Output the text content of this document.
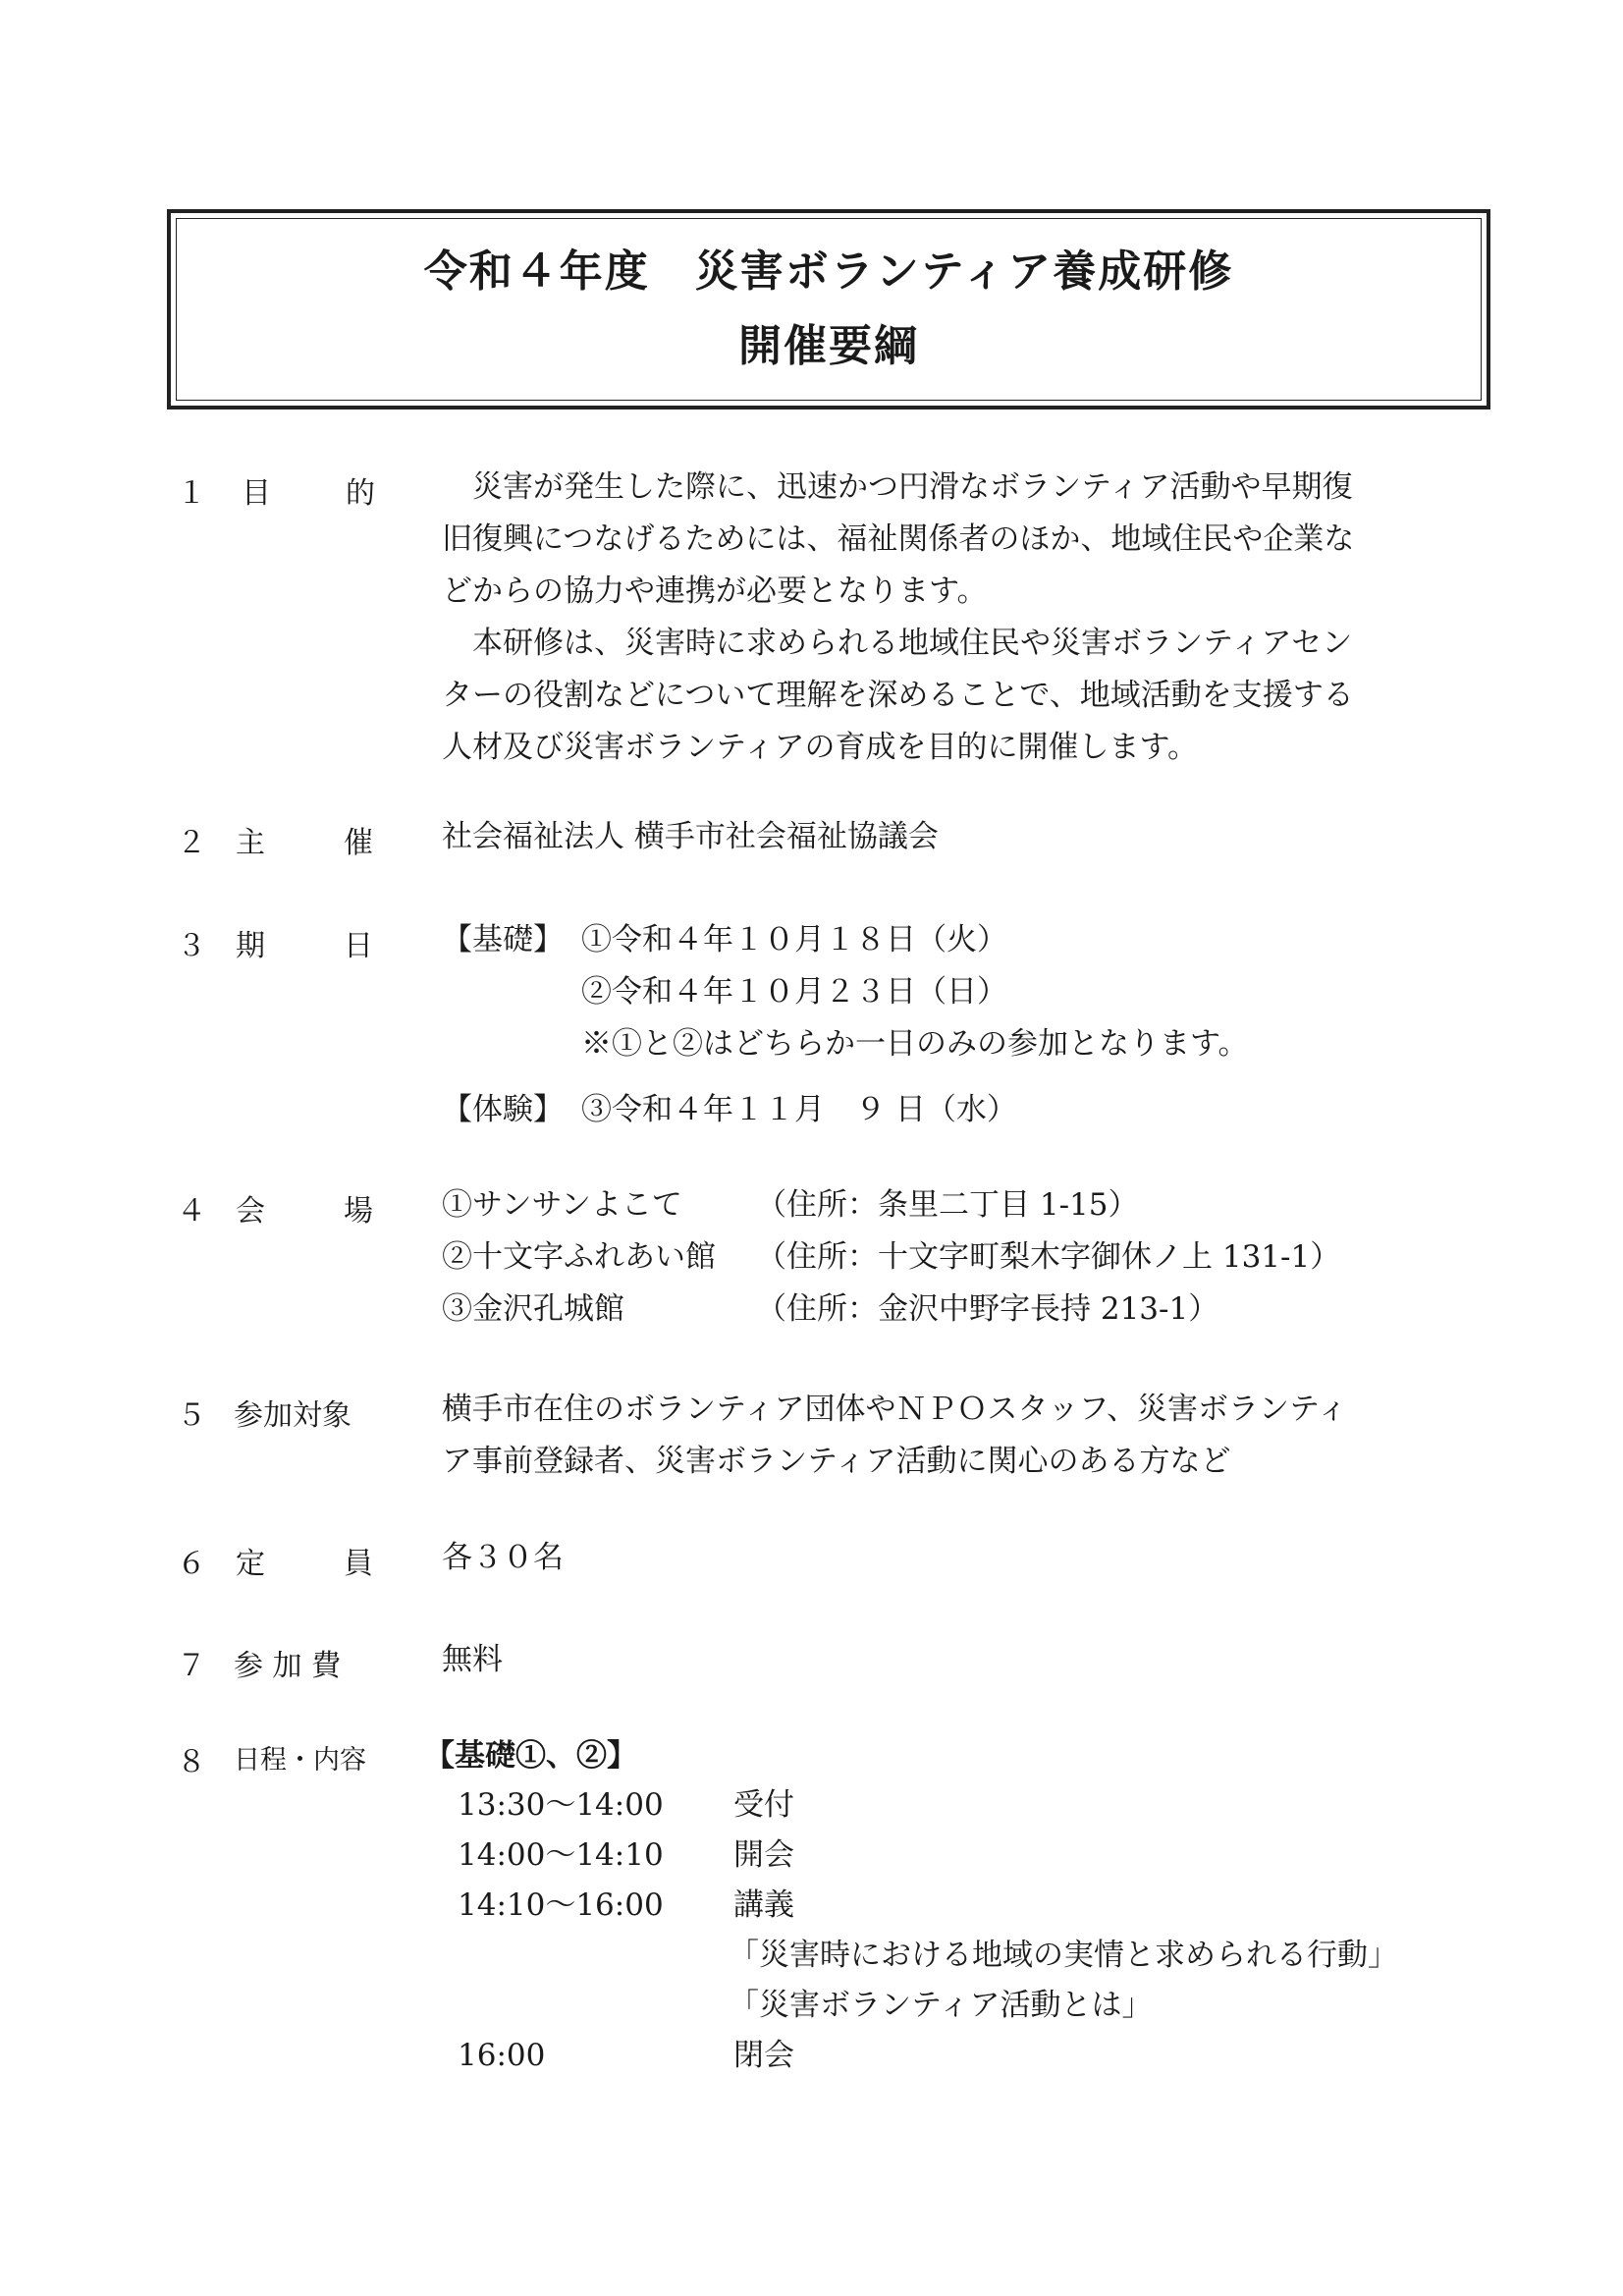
令和４年度　災害ボランティア養成研修
開催要綱
１ 目	的 　災害が発生した際に、迅速かつ円滑なボランティア活動や早期復
旧復興につなげるためには、福祉関係者のほか、地域住民や企業な
どからの協力や連携が必要となります。
　本研修は、災害時に求められる地域住民や災害ボランティアセン
ターの役割などについて理解を深めることで、地域活動を支援する
人材及び災害ボランティアの育成を目的に開催します。
２ 主	催 社会福祉法人 横手市社会福祉協議会
３ 期	日 【基礎】 ①令和４年１０月１８日（火）
②令和４年１０月２３日（日）
※①と②はどちらか一日のみの参加となります。
【体験】 ③令和４年１１月　９ 日（水）
４ 会	場 ①サンサンよこて （住所：条里二丁目 1-15）
②十文字ふれあい館 （住所：十文字町梨木字御休ノ上 131-1）
③金沢孔城館	（住所：金沢中野字長持 213-1）
５ 参加対象	横手市在住のボランティア団体やＮＰＯスタッフ、災害ボランティ
ア事前登録者、災害ボランティア活動に関心のある方など
６ 定	員 各３０名
７ 参 加 費	無料
８ 日程・内容 【基礎①、②】
13:30～14:00 受付
14:00～14:10 開会
14:10～16:00 講義
「災害時における地域の実情と求められる行動」
「災害ボランティア活動とは」
16:00	閉会
